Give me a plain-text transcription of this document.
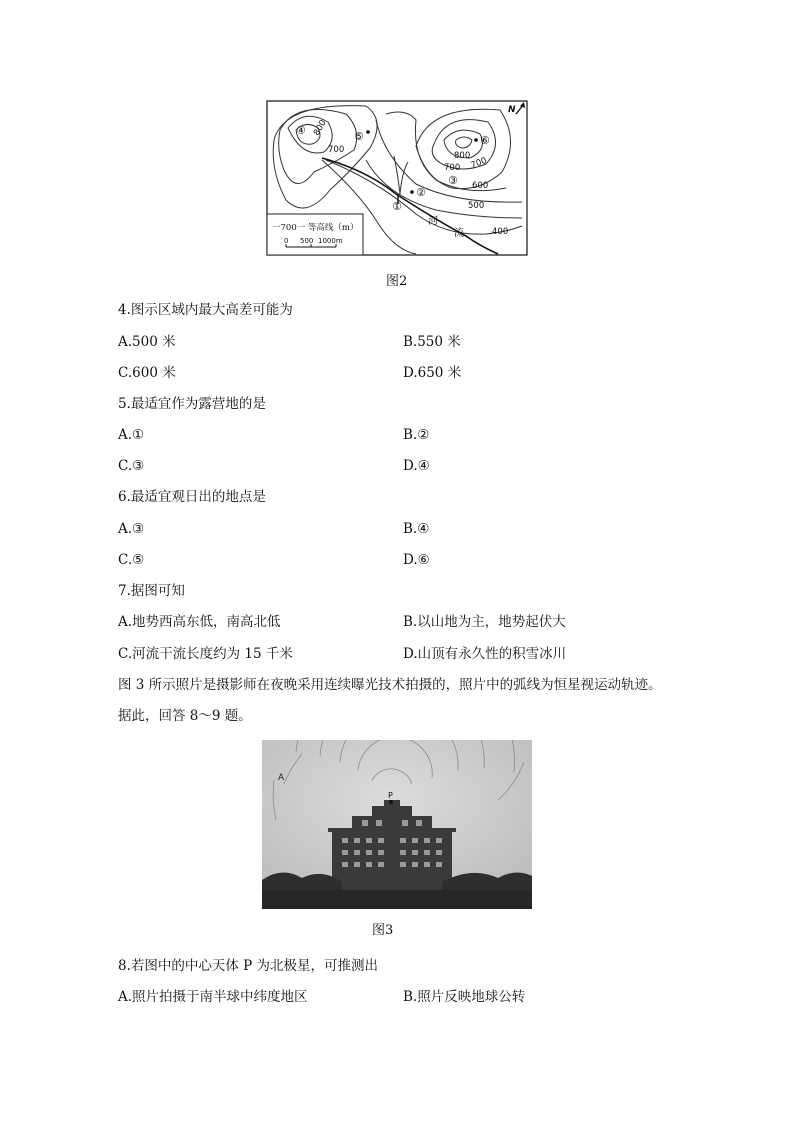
800
700
700
800 700
600
500
400
①
②
③
④	⑤	⑥
N
河
流
一700一 等高线（m）
0 500 1000m
图2
4.图示区域内最大高差可能为
A.500 米	B.550 米
C.600 米	D.650 米
5.最适宜作为露营地的是
A.①	B.②
C.③	D.④
6.最适宜观日出的地点是
A.③	B.④
C.⑤	D.⑥
7.据图可知
A.地势西高东低，南高北低	B.以山地为主，地势起伏大
C.河流干流长度约为 15 千米	D.山顶有永久性的积雪冰川
图 3 所示照片是摄影师在夜晚采用连续曝光技术拍摄的，照片中的弧线为恒星视运动轨迹。
据此，回答 8～9 题。
A
P
图3
8.若图中的中心天体 P 为北极星，可推测出
A.照片拍摄于南半球中纬度地区	B.照片反映地球公转
